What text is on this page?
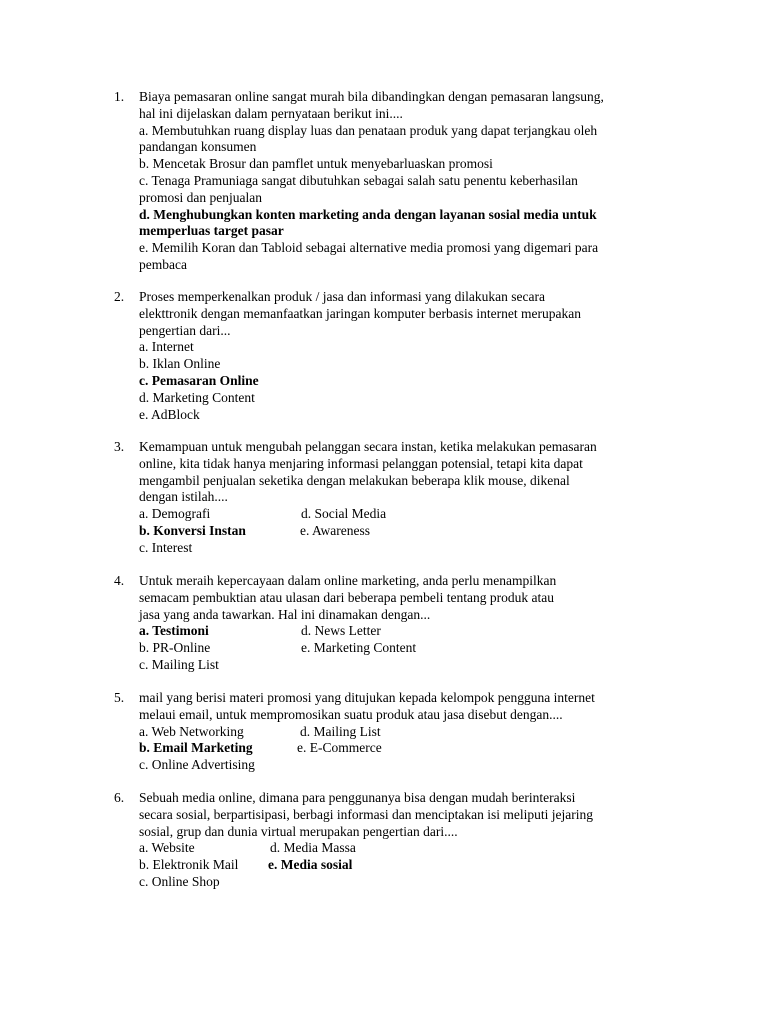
1. Biaya pemasaran online sangat murah bila dibandingkan dengan pemasaran langsung,
hal ini dijelaskan dalam pernyataan berikut ini....
a. Membutuhkan ruang display luas dan penataan produk yang dapat terjangkau oleh
pandangan konsumen
b. Mencetak Brosur dan pamflet untuk menyebarluaskan promosi
c. Tenaga Pramuniaga sangat dibutuhkan sebagai salah satu penentu keberhasilan
promosi dan penjualan
d. Menghubungkan konten marketing anda dengan layanan sosial media untuk
memperluas target pasar
e. Memilih Koran dan Tabloid sebagai alternative media promosi yang digemari para
pembaca
2. Proses memperkenalkan produk / jasa dan informasi yang dilakukan secara
elekttronik dengan memanfaatkan jaringan komputer berbasis internet merupakan
pengertian dari...
a. Internet
b. Iklan Online
c. Pemasaran Online
d. Marketing Content
e. AdBlock
3. Kemampuan untuk mengubah pelanggan secara instan, ketika melakukan pemasaran
online, kita tidak hanya menjaring informasi pelanggan potensial, tetapi kita dapat
mengambil penjualan seketika dengan melakukan beberapa klik mouse, dikenal
dengan istilah....
a. Demografi	d. Social Media
b. Konversi Instan	e. Awareness
c. Interest
4. Untuk meraih kepercayaan dalam online marketing, anda perlu menampilkan
semacam pembuktian atau ulasan dari beberapa pembeli tentang produk atau
jasa yang anda tawarkan. Hal ini dinamakan dengan...
a. Testimoni	d. News Letter
b. PR-Online	e. Marketing Content
c. Mailing List
5. mail yang berisi materi promosi yang ditujukan kepada kelompok pengguna internet
melaui email, untuk mempromosikan suatu produk atau jasa disebut dengan....
a. Web Networking	d. Mailing List
b. Email Marketing	e. E-Commerce
c. Online Advertising
6. Sebuah media online, dimana para penggunanya bisa dengan mudah berinteraksi
secara sosial, berpartisipasi, berbagi informasi dan menciptakan isi meliputi jejaring
sosial, grup dan dunia virtual merupakan pengertian dari....
a. Website	d. Media Massa
b. Elektronik Mail e. Media sosial
c. Online Shop
